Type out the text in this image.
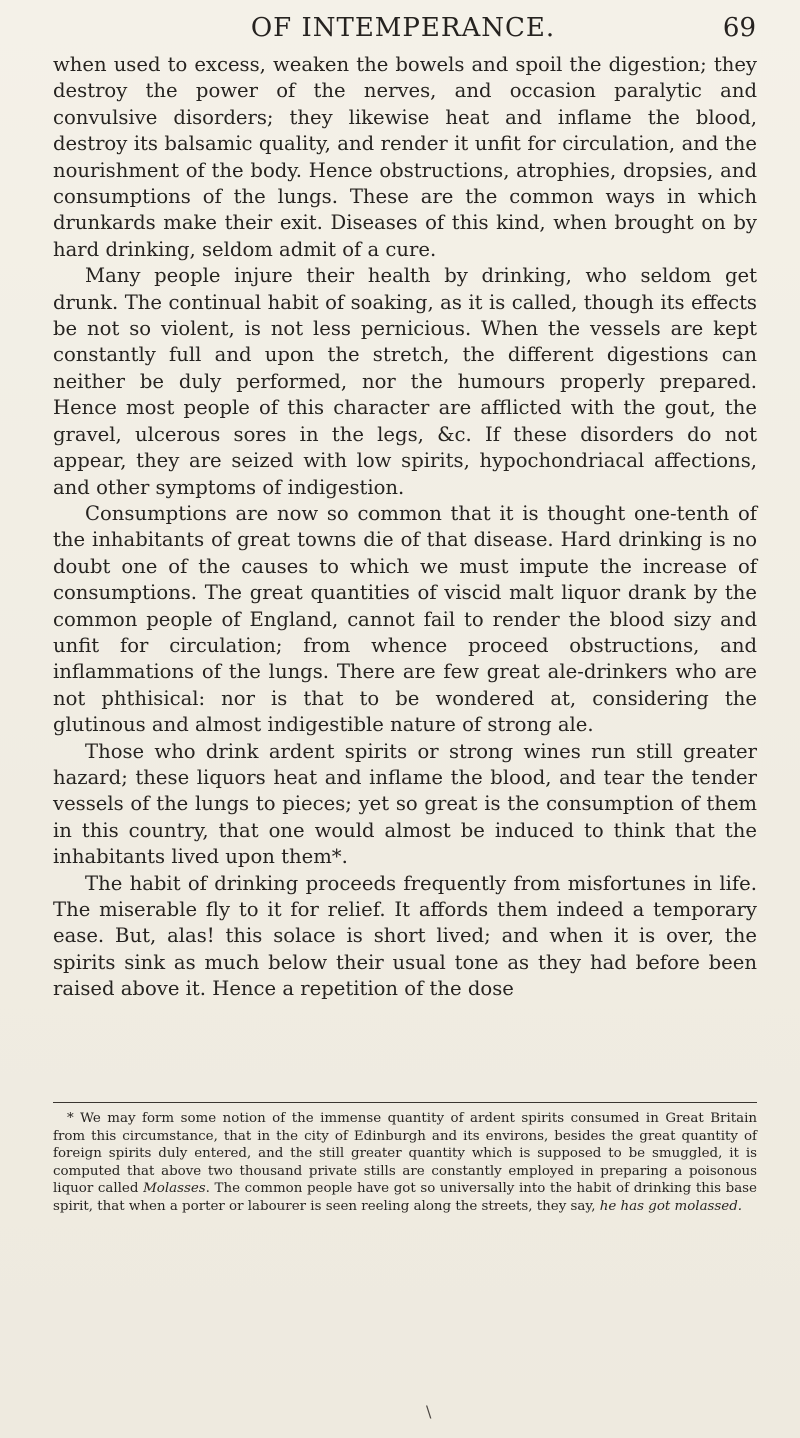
OF INTEMPERANCE.	69

when used to excess, weaken the bowels and spoil the digestion; they destroy the power of the nerves, and occasion paralytic and convulsive disorders; they likewise heat and inflame the blood, destroy its balsamic quality, and render it unfit for circulation, and the nourishment of the body. Hence obstructions, atrophies, dropsies, and consumptions of the lungs. These are the common ways in which drunkards make their exit. Diseases of this kind, when brought on by hard drinking, seldom admit of a cure.

Many people injure their health by drinking, who seldom get drunk. The continual habit of soaking, as it is called, though its effects be not so violent, is not less pernicious. When the vessels are kept constantly full and upon the stretch, the different digestions can neither be duly performed, nor the humours properly prepared. Hence most people of this character are afflicted with the gout, the gravel, ulcerous sores in the legs, &c. If these disorders do not appear, they are seized with low spirits, hypochondriacal affections, and other symptoms of indigestion.

Consumptions are now so common that it is thought one-tenth of the inhabitants of great towns die of that disease. Hard drinking is no doubt one of the causes to which we must impute the increase of consumptions. The great quantities of viscid malt liquor drank by the common people of England, cannot fail to render the blood sizy and unfit for circulation; from whence proceed obstructions, and inflammations of the lungs. There are few great ale-drinkers who are not phthisical: nor is that to be wondered at, considering the glutinous and almost indigestible nature of strong ale.

Those who drink ardent spirits or strong wines run still greater hazard; these liquors heat and inflame the blood, and tear the tender vessels of the lungs to pieces; yet so great is the consumption of them in this country, that one would almost be induced to think that the inhabitants lived upon them*.

The habit of drinking proceeds frequently from misfortunes in life. The miserable fly to it for relief. It affords them indeed a temporary ease. But, alas! this solace is short lived; and when it is over, the spirits sink as much below their usual tone as they had before been raised above it. Hence a repetition of the dose

* We may form some notion of the immense quantity of ardent spirits consumed in Great Britain from this circumstance, that in the city of Edinburgh and its environs, besides the great quantity of foreign spirits duly entered, and the still greater quantity which is supposed to be smuggled, it is computed that above two thousand private stills are constantly employed in preparing a poisonous liquor called Molasses. The common people have got so universally into the habit of drinking this base spirit, that when a porter or labourer is seen reeling along the streets, they say, he has got molassed.

\
